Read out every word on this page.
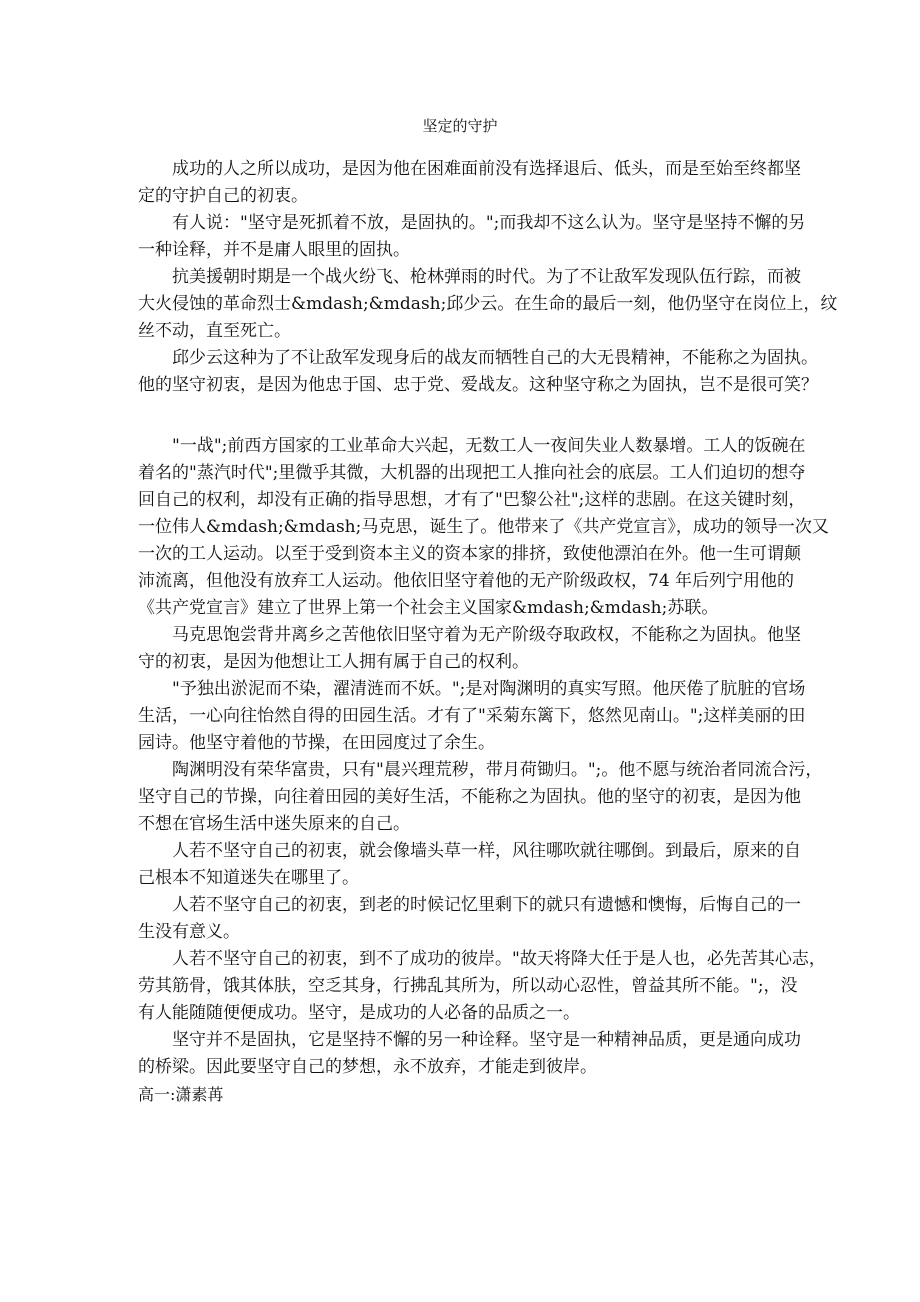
坚定的守护
成功的人之所以成功，是因为他在困难面前没有选择退后、低头，而是至始至终都坚
定的守护自己的初衷。
有人说："坚守是死抓着不放，是固执的。";而我却不这么认为。坚守是坚持不懈的另
一种诠释，并不是庸人眼里的固执。
抗美援朝时期是一个战火纷飞、枪林弹雨的时代。为了不让敌军发现队伍行踪，而被
大火侵蚀的革命烈士&mdash;&mdash;邱少云。在生命的最后一刻，他仍坚守在岗位上，纹
丝不动，直至死亡。
邱少云这种为了不让敌军发现身后的战友而牺牲自己的大无畏精神，不能称之为固执。
他的坚守初衷，是因为他忠于国、忠于党、爱战友。这种坚守称之为固执，岂不是很可笑？
"一战";前西方国家的工业革命大兴起，无数工人一夜间失业人数暴增。工人的饭碗在
着名的"蒸汽时代";里微乎其微，大机器的出现把工人推向社会的底层。工人们迫切的想夺
回自己的权利，却没有正确的指导思想，才有了"巴黎公社";这样的悲剧。在这关键时刻，
一位伟人&mdash;&mdash;马克思，诞生了。他带来了《共产党宣言》，成功的领导一次又
一次的工人运动。以至于受到资本主义的资本家的排挤，致使他漂泊在外。他一生可谓颠
沛流离，但他没有放弃工人运动。他依旧坚守着他的无产阶级政权，74 年后列宁用他的
《共产党宣言》建立了世界上第一个社会主义国家&mdash;&mdash;苏联。
马克思饱尝背井离乡之苦他依旧坚守着为无产阶级夺取政权，不能称之为固执。他坚
守的初衷，是因为他想让工人拥有属于自己的权利。
"予独出淤泥而不染，濯清涟而不妖。";是对陶渊明的真实写照。他厌倦了肮脏的官场
生活，一心向往怡然自得的田园生活。才有了"采菊东篱下，悠然见南山。";这样美丽的田
园诗。他坚守着他的节操，在田园度过了余生。
陶渊明没有荣华富贵，只有"晨兴理荒秽，带月荷锄归。";。他不愿与统治者同流合污，
坚守自己的节操，向往着田园的美好生活，不能称之为固执。他的坚守的初衷，是因为他
不想在官场生活中迷失原来的自己。
人若不坚守自己的初衷，就会像墙头草一样，风往哪吹就往哪倒。到最后，原来的自
己根本不知道迷失在哪里了。
人若不坚守自己的初衷，到老的时候记忆里剩下的就只有遗憾和懊悔，后悔自己的一
生没有意义。
人若不坚守自己的初衷，到不了成功的彼岸。"故天将降大任于是人也，必先苦其心志，
劳其筋骨，饿其体肤，空乏其身，行拂乱其所为，所以动心忍性，曾益其所不能。";，没
有人能随随便便成功。坚守，是成功的人必备的品质之一。
坚守并不是固执，它是坚持不懈的另一种诠释。坚守是一种精神品质，更是通向成功
的桥梁。因此要坚守自己的梦想，永不放弃，才能走到彼岸。
高一:潇素苒
